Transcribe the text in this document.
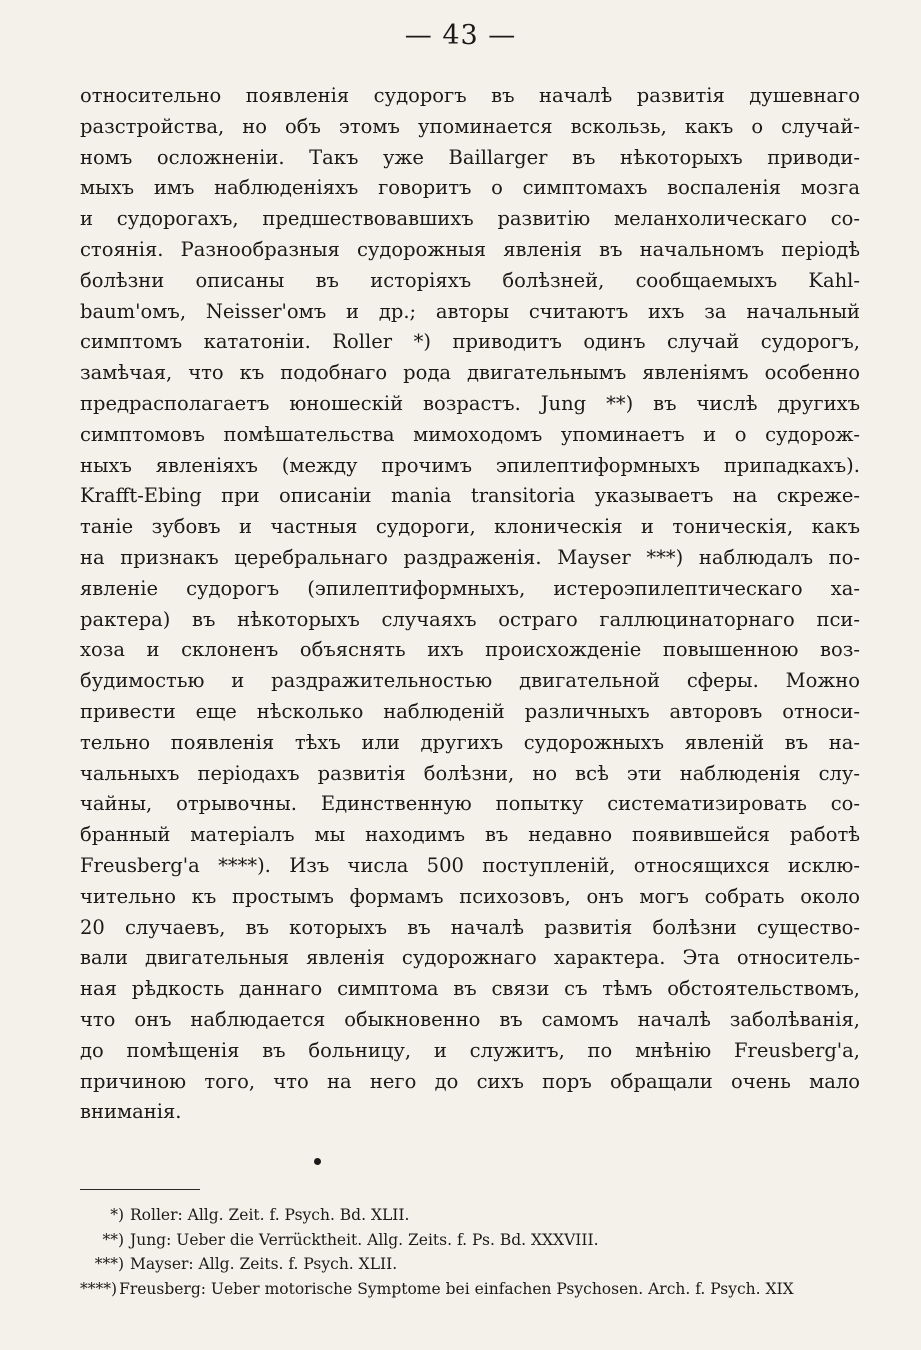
— 43 —
относительно появленія судорогъ въ началѣ развитія душевнаго
разстройства, но объ этомъ упоминается вскользь, какъ о случай-
номъ осложненіи. Такъ уже Baillarger въ нѣкоторыхъ приводи-
мыхъ имъ наблюденіяхъ говоритъ о симптомахъ воспаленія мозга
и судорогахъ, предшествовавшихъ развитію меланхолическаго со-
стоянія. Разнообразныя судорожныя явленія въ начальномъ періодѣ
болѣзни описаны въ исторіяхъ болѣзней, сообщаемыхъ Kahl-
baum'омъ, Neisser'омъ и др.; авторы считаютъ ихъ за начальный
симптомъ кататоніи. Roller *) приводитъ одинъ случай судорогъ,
замѣчая, что къ подобнаго рода двигательнымъ явленіямъ особенно
предрасполагаетъ юношескій возрастъ. Jung **) въ числѣ другихъ
симптомовъ помѣшательства мимоходомъ упоминаетъ и о судорож-
ныхъ явленіяхъ (между прочимъ эпилептиформныхъ припадкахъ).
Krafft-Ebing при описаніи mania transitoria указываетъ на скреже-
таніе зубовъ и частныя судороги, клоническія и тоническія, какъ
на признакъ церебральнаго раздраженія. Mayser ***) наблюдалъ по-
явленіе судорогъ (эпилептиформныхъ, истероэпилептическаго ха-
рактера) въ нѣкоторыхъ случаяхъ остраго галлюцинаторнаго пси-
хоза и склоненъ объяснять ихъ происхожденіе повышенною воз-
будимостью и раздражительностью двигательной сферы. Можно
привести еще нѣсколько наблюденій различныхъ авторовъ относи-
тельно появленія тѣхъ или другихъ судорожныхъ явленій въ на-
чальныхъ періодахъ развитія болѣзни, но всѣ эти наблюденія слу-
чайны, отрывочны. Единственную попытку систематизировать со-
бранный матеріалъ мы находимъ въ недавно появившейся работѣ
Freusberg'a ****). Изъ числа 500 поступленій, относящихся исклю-
чительно къ простымъ формамъ психозовъ, онъ могъ собрать около
20 случаевъ, въ которыхъ въ началѣ развитія болѣзни существо-
вали двигательныя явленія судорожнаго характера. Эта относитель-
ная рѣдкость даннаго симптома въ связи съ тѣмъ обстоятельствомъ,
что онъ наблюдается обыкновенно въ самомъ началѣ заболѣванія,
до помѣщенія въ больницу, и служитъ, по мнѣнію Freusberg'a,
причиною того, что на него до сихъ поръ обращали очень мало
вниманія.
*) Roller: Allg. Zeit. f. Psych. Bd. XLII.
**) Jung: Ueber die Verrücktheit. Allg. Zeits. f. Ps. Bd. XXXVIII.
***) Mayser: Allg. Zeits. f. Psych. XLII.
****) Freusberg: Ueber motorische Symptome bei einfachen Psychosen. Arch. f. Psych. XIX
